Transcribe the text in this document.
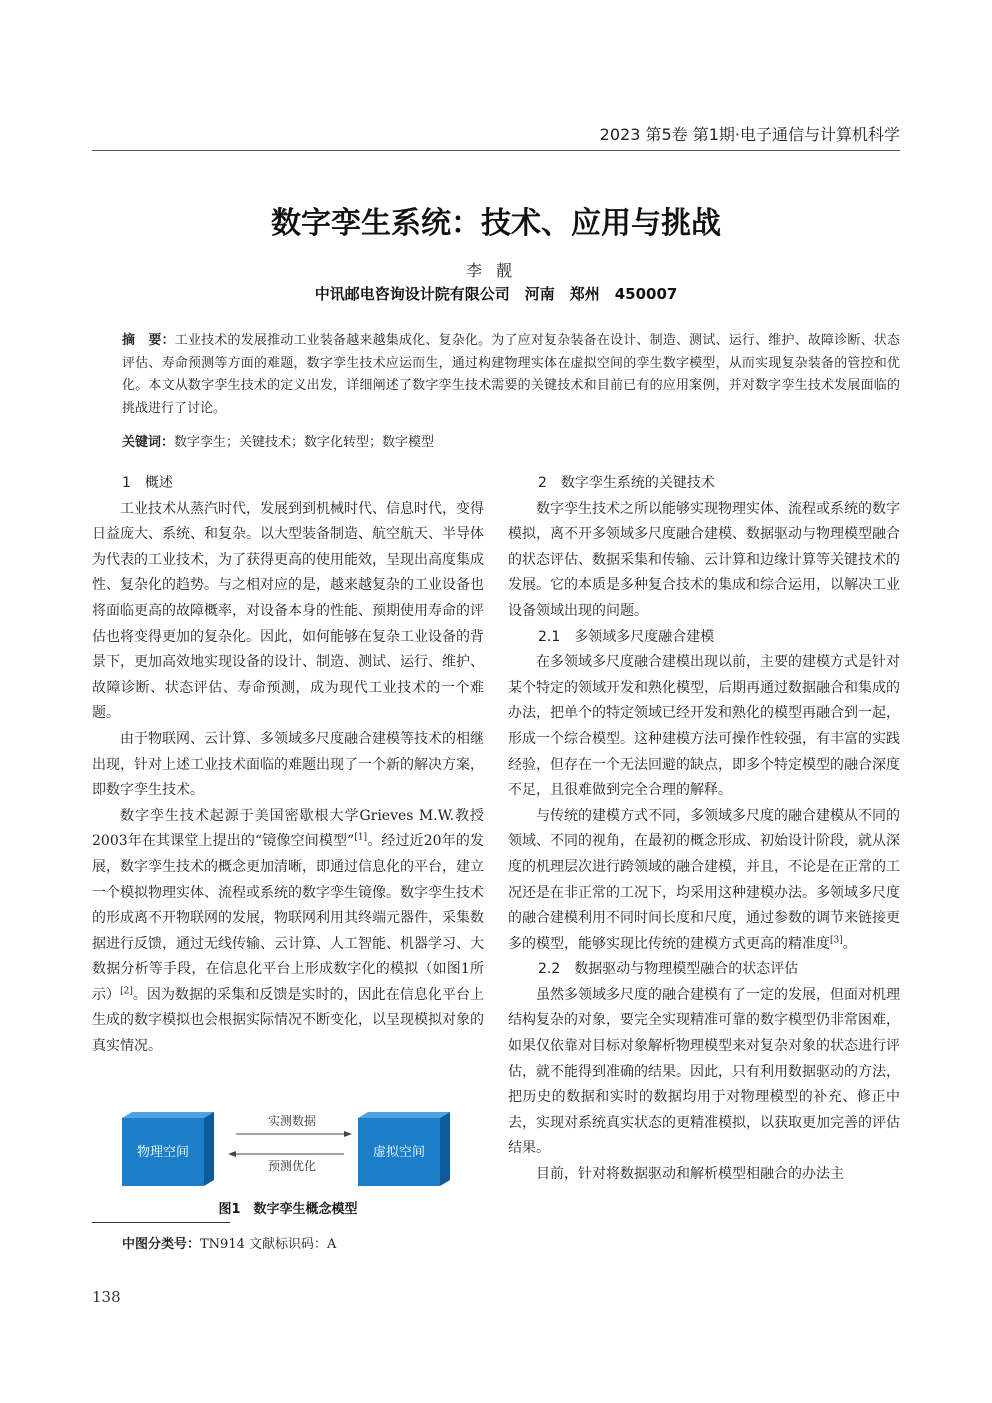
2023 第5卷 第1期·电子通信与计算机科学
数字孪生系统：技术、应用与挑战
李靓
中讯邮电咨询设计院有限公司　河南　郑州　450007
摘　要：工业技术的发展推动工业装备越来越集成化、复杂化。为了应对复杂装备在设计、制造、测试、运行、维护、故障诊断、状态评估、寿命预测等方面的难题，数字孪生技术应运而生，通过构建物理实体在虚拟空间的孪生数字模型，从而实现复杂装备的管控和优化。本文从数字孪生技术的定义出发，详细阐述了数字孪生技术需要的关键技术和目前已有的应用案例，并对数字孪生技术发展面临的挑战进行了讨论。
关键词：数字孪生；关键技术；数字化转型；数字模型
1　概述

工业技术从蒸汽时代，发展到到机械时代、信息时代，变得日益庞大、系统、和复杂。以大型装备制造、航空航天、半导体为代表的工业技术，为了获得更高的使用能效，呈现出高度集成性、复杂化的趋势。与之相对应的是，越来越复杂的工业设备也将面临更高的故障概率，对设备本身的性能、预期使用寿命的评估也将变得更加的复杂化。因此，如何能够在复杂工业设备的背景下，更加高效地实现设备的设计、制造、测试、运行、维护、故障诊断、状态评估、寿命预测，成为现代工业技术的一个难题。

由于物联网、云计算、多领域多尺度融合建模等技术的相继出现，针对上述工业技术面临的难题出现了一个新的解决方案，即数字孪生技术。

数字孪生技术起源于美国密歇根大学Grieves M.W.教授2003年在其课堂上提出的“镜像空间模型”[1]。经过近20年的发展，数字孪生技术的概念更加清晰，即通过信息化的平台，建立一个模拟物理实体、流程或系统的数字孪生镜像。数字孪生技术的形成离不开物联网的发展，物联网利用其终端元器件，采集数据进行反馈，通过无线传输、云计算、人工智能、机器学习、大数据分析等手段，在信息化平台上形成数字化的模拟（如图1所示）[2]。因为数据的采集和反馈是实时的，因此在信息化平台上生成的数字模拟也会根据实际情况不断变化，以呈现模拟对象的真实情况。

物理空间	虚拟空间
实测数据
预测优化
图1　数字孪生概念模型
中图分类号：TN914 文献标识码：A
2　数字孪生系统的关键技术

数字孪生技术之所以能够实现物理实体、流程或系统的数字模拟，离不开多领域多尺度融合建模、数据驱动与物理模型融合的状态评估、数据采集和传输、云计算和边缘计算等关键技术的发展。它的本质是多种复合技术的集成和综合运用，以解决工业设备领域出现的问题。

2.1　多领域多尺度融合建模

在多领域多尺度融合建模出现以前，主要的建模方式是针对某个特定的领域开发和熟化模型，后期再通过数据融合和集成的办法，把单个的特定领域已经开发和熟化的模型再融合到一起，形成一个综合模型。这种建模方法可操作性较强，有丰富的实践经验，但存在一个无法回避的缺点，即多个特定模型的融合深度不足，且很难做到完全合理的解释。

与传统的建模方式不同，多领域多尺度的融合建模从不同的领域、不同的视角，在最初的概念形成、初始设计阶段，就从深度的机理层次进行跨领域的融合建模，并且，不论是在正常的工况还是在非正常的工况下，均采用这种建模办法。多领域多尺度的融合建模利用不同时间长度和尺度，通过参数的调节来链接更多的模型，能够实现比传统的建模方式更高的精准度[3]。

2.2　数据驱动与物理模型融合的状态评估

虽然多领域多尺度的融合建模有了一定的发展，但面对机理结构复杂的对象，要完全实现精准可靠的数字模型仍非常困难，如果仅依靠对目标对象解析物理模型来对复杂对象的状态进行评估，就不能得到准确的结果。因此，只有利用数据驱动的方法，把历史的数据和实时的数据均用于对物理模型的补充、修正中去，实现对系统真实状态的更精准模拟，以获取更加完善的评估结果。

目前，针对将数据驱动和解析模型相融合的办法主

138
